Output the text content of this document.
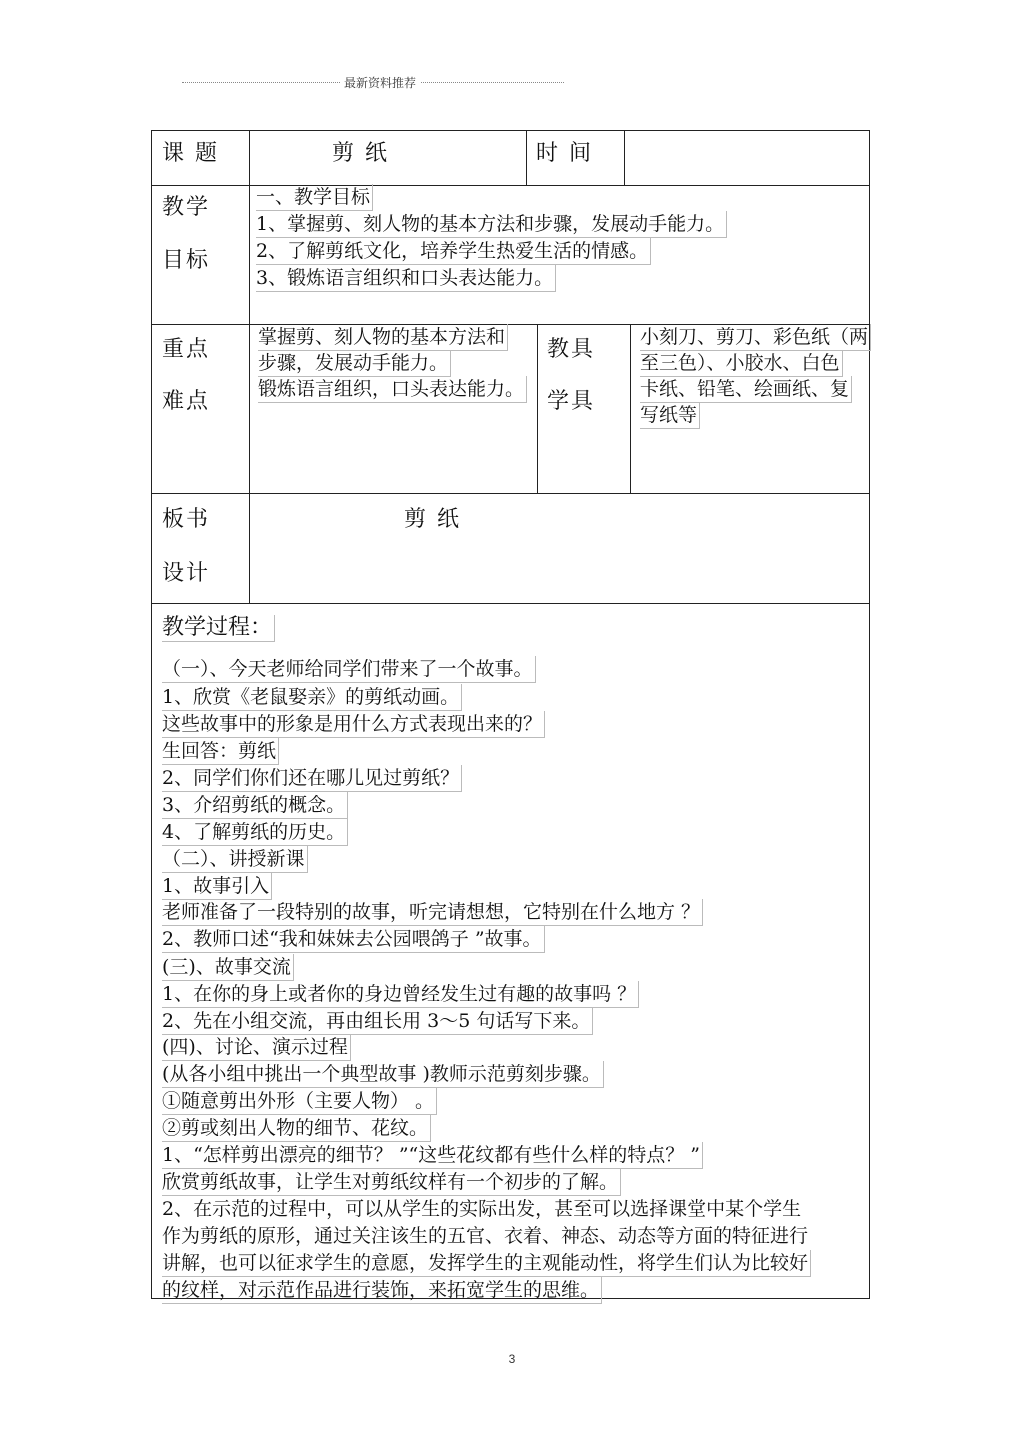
最新资料推荐
课 题	剪 纸	时 间
教学
目标
一、教学目标
1、掌握剪、刻人物的基本方法和步骤，发展动手能力。
2、了解剪纸文化，培养学生热爱生活的情感。
3、锻炼语言组织和口头表达能力。
重点
难点
掌握剪、刻人物的基本方法和
步骤，发展动手能力。
锻炼语言组织，口头表达能力。
教具
学具
小刻刀、剪刀、彩色纸（两
至三色）、小胶水、白色
卡纸、铅笔、绘画纸、复
写纸等
板书
设计
剪 纸
教学过程：
（一）、今天老师给同学们带来了一个故事。
1、欣赏《老鼠娶亲》的剪纸动画。
这些故事中的形象是用什么方式表现出来的？
生回答：剪纸
2、同学们你们还在哪儿见过剪纸？
3、介绍剪纸的概念。
4、了解剪纸的历史。
（二）、讲授新课
1、故事引入
老师准备了一段特别的故事，听完请想想，它特别在什么地方 ？
2、教师口述“我和妹妹去公园喂鸽子 ”故事。
(三)、故事交流
1、在你的身上或者你的身边曾经发生过有趣的故事吗 ？
2、先在小组交流，再由组长用 3～5 句话写下来。
(四)、讨论、演示过程
(从各小组中挑出一个典型故事 )教师示范剪刻步骤。
①随意剪出外形（主要人物） 。
②剪或刻出人物的细节、花纹。
1、“怎样剪出漂亮的细节？ ”“这些花纹都有些什么样的特点？ ”
欣赏剪纸故事，让学生对剪纸纹样有一个初步的了解。
2、在示范的过程中，可以从学生的实际出发，甚至可以选择课堂中某个学生
作为剪纸的原形，通过关注该生的五官、衣着、神态、动态等方面的特征进行
讲解，也可以征求学生的意愿，发挥学生的主观能动性，将学生们认为比较好
的纹样，对示范作品进行装饰，来拓宽学生的思维。
3
